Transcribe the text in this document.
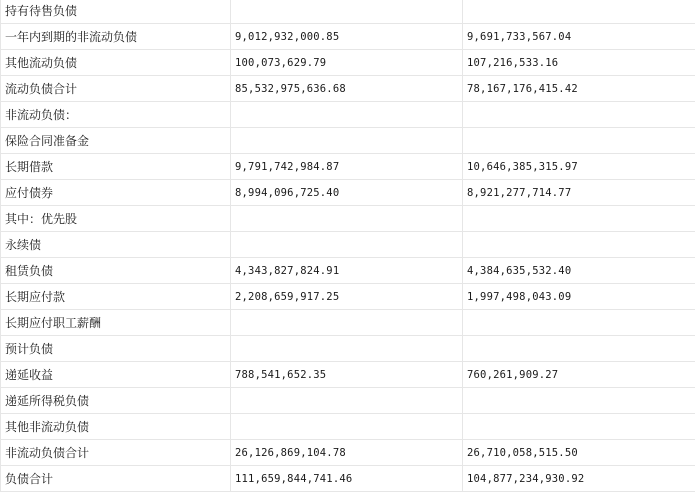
持有待售负债		
一年内到期的非流动负债	9,012,932,000.85	9,691,733,567.04
其他流动负债	100,073,629.79	107,216,533.16
流动负债合计	85,532,975,636.68	78,167,176,415.42
非流动负债：		
保险合同准备金		
长期借款	9,791,742,984.87	10,646,385,315.97
应付债券	8,994,096,725.40	8,921,277,714.77
其中：优先股		
永续债		
租赁负债	4,343,827,824.91	4,384,635,532.40
长期应付款	2,208,659,917.25	1,997,498,043.09
长期应付职工薪酬		
预计负债		
递延收益	788,541,652.35	760,261,909.27
递延所得税负债		
其他非流动负债		
非流动负债合计	26,126,869,104.78	26,710,058,515.50
负债合计	111,659,844,741.46	104,877,234,930.92
